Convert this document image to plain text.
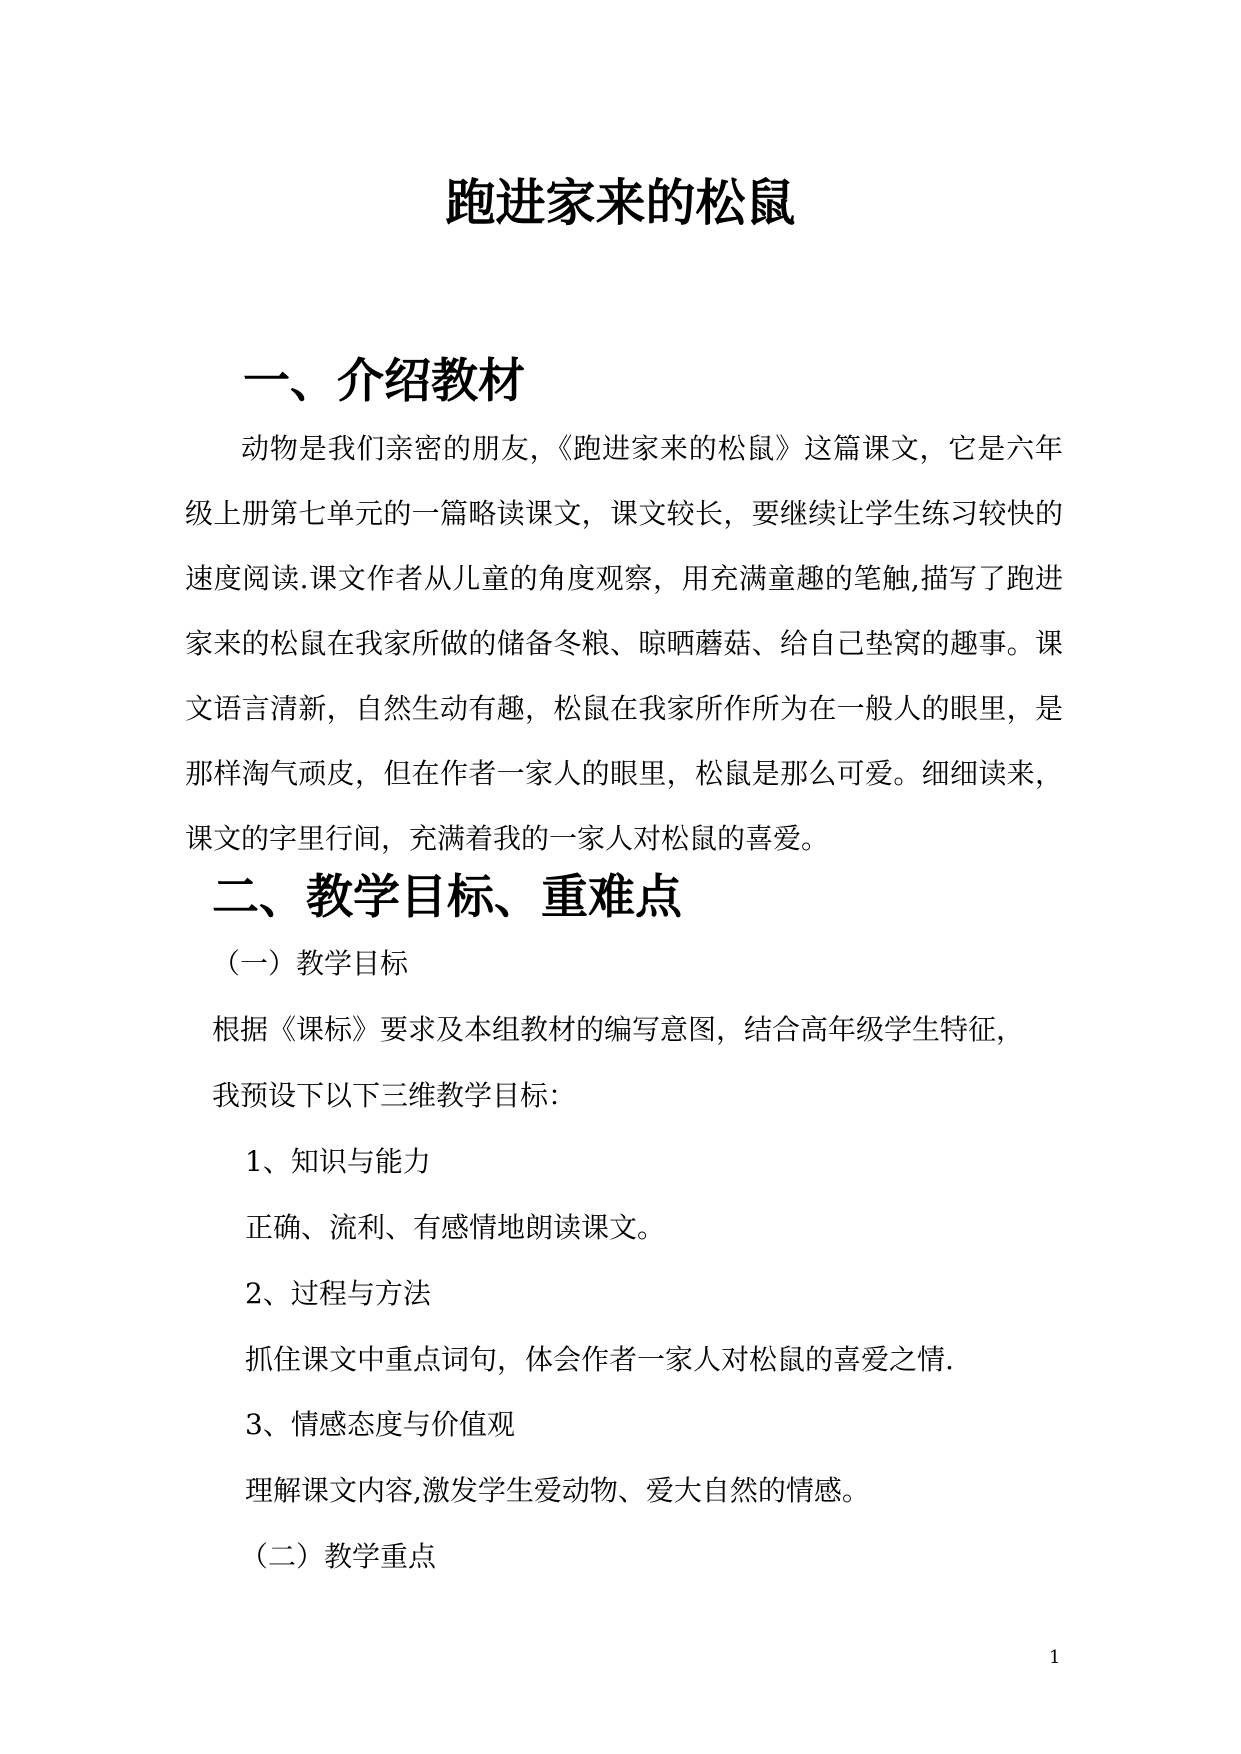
跑进家来的松鼠
一、介绍教材

动物是我们亲密的朋友，《跑进家来的松鼠》这篇课文，它是六年级上册第七单元的一篇略读课文，课文较长，要继续让学生练习较快的速度阅读.课文作者从儿童的角度观察，用充满童趣的笔触,描写了跑进家来的松鼠在我家所做的储备冬粮、晾晒蘑菇、给自己垫窝的趣事。课文语言清新，自然生动有趣，松鼠在我家所作所为在一般人的眼里，是那样淘气顽皮，但在作者一家人的眼里，松鼠是那么可爱。细细读来，课文的字里行间，充满着我的一家人对松鼠的喜爱。

二、教学目标、重难点

（一）教学目标

根据《课标》要求及本组教材的编写意图，结合高年级学生特征，

我预设下以下三维教学目标：

1、知识与能力

正确、流利、有感情地朗读课文。

2、过程与方法

抓住课文中重点词句，体会作者一家人对松鼠的喜爱之情.

3、情感态度与价值观

理解课文内容,激发学生爱动物、爱大自然的情感。

（二）教学重点

1
